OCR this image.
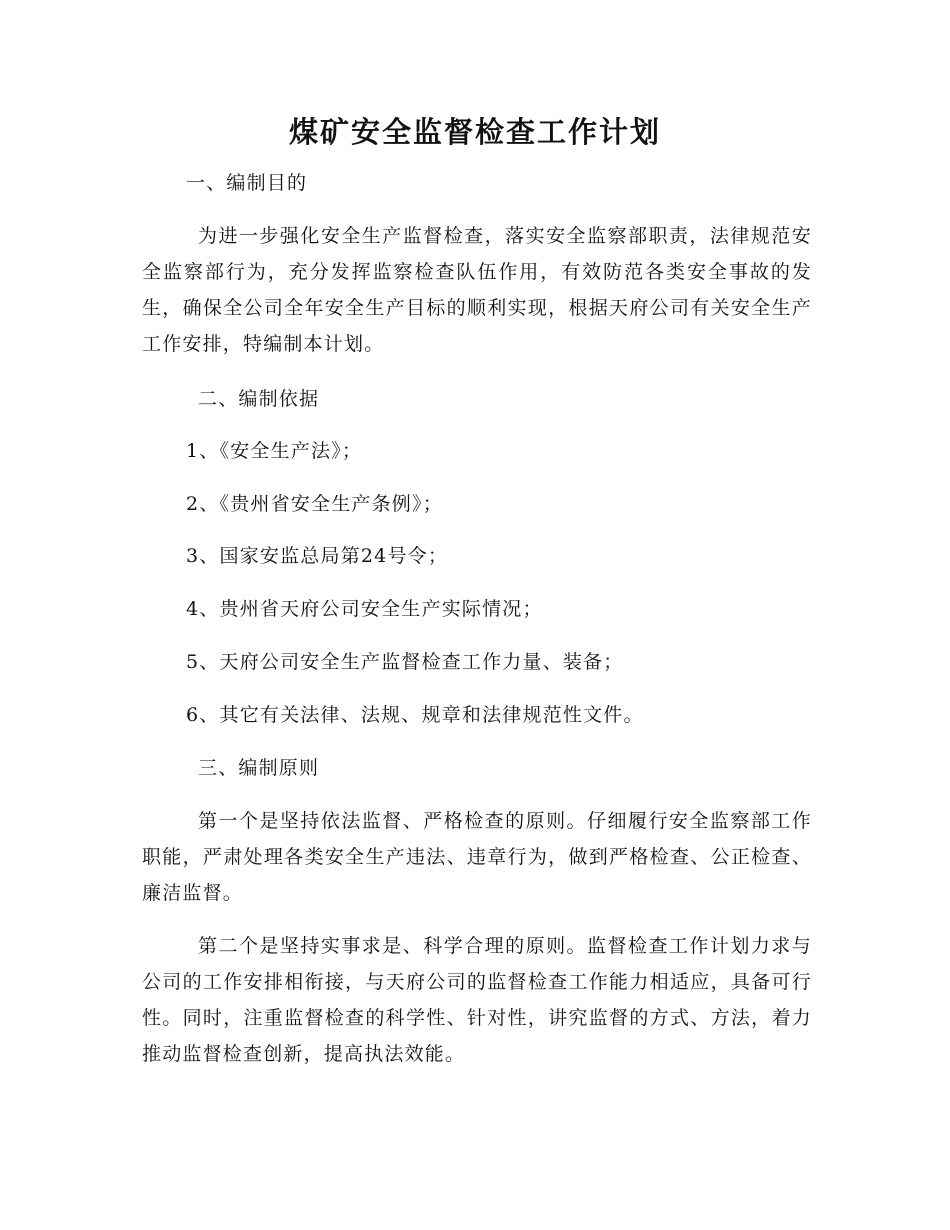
煤矿安全监督检查工作计划

一、编制目的

为进一步强化安全生产监督检查，落实安全监察部职责，法律规范安全监察部行为，充分发挥监察检查队伍作用，有效防范各类安全事故的发生，确保全公司全年安全生产目标的顺利实现，根据天府公司有关安全生产工作安排，特编制本计划。

二、编制依据

1、《安全生产法》；

2、《贵州省安全生产条例》；

3、国家安监总局第24号令；

4、贵州省天府公司安全生产实际情况；

5、天府公司安全生产监督检查工作力量、装备；

6、其它有关法律、法规、规章和法律规范性文件。

三、编制原则

第一个是坚持依法监督、严格检查的原则。仔细履行安全监察部工作职能，严肃处理各类安全生产违法、违章行为，做到严格检查、公正检查、廉洁监督。

第二个是坚持实事求是、科学合理的原则。监督检查工作计划力求与公司的工作安排相衔接，与天府公司的监督检查工作能力相适应，具备可行性。同时，注重监督检查的科学性、针对性，讲究监督的方式、方法，着力推动监督检查创新，提高执法效能。
